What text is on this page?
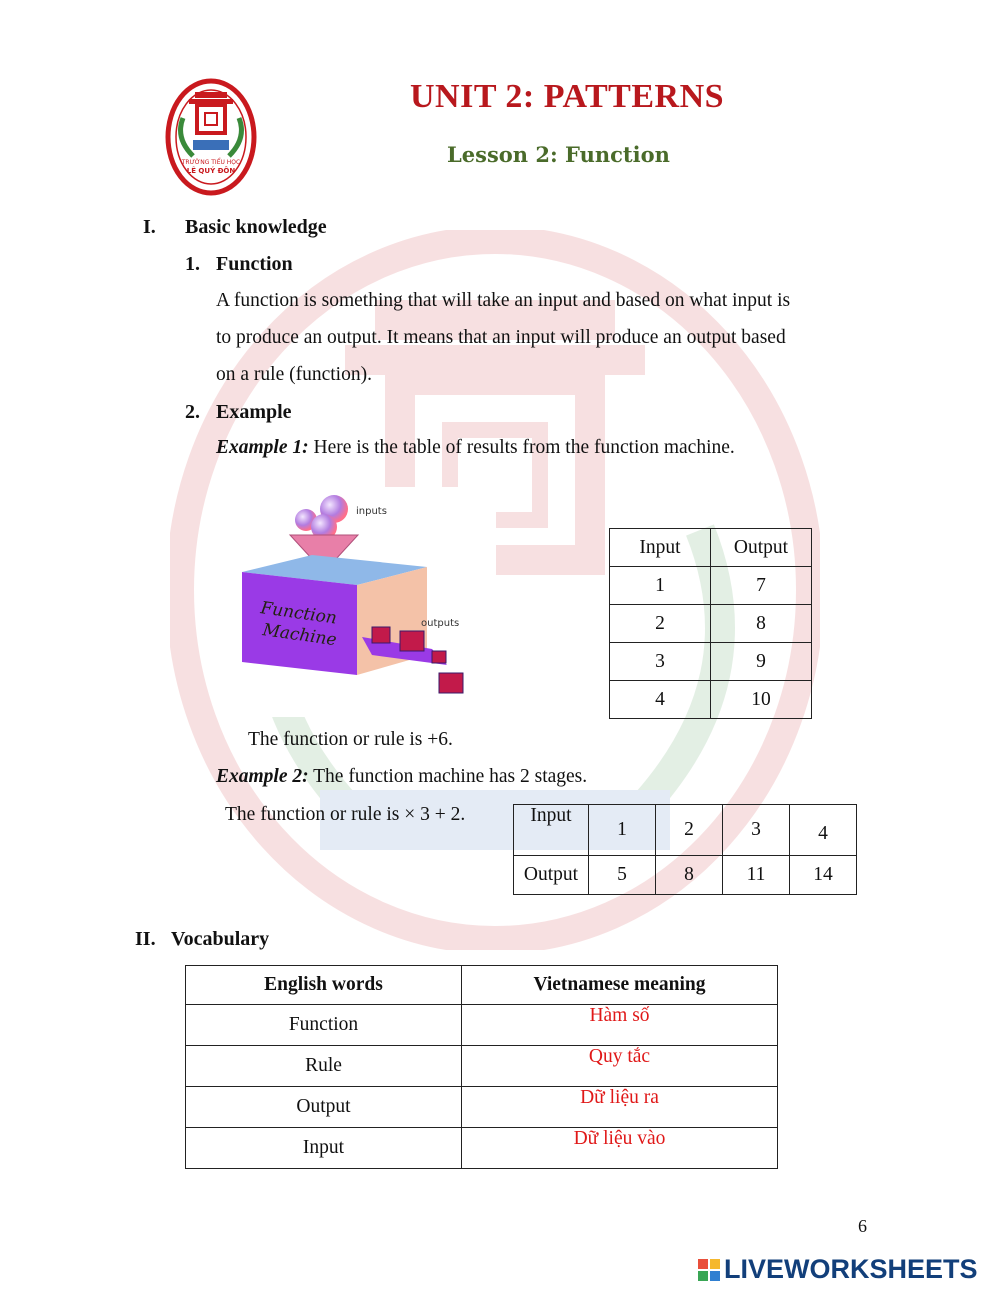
TRƯỜNG TIỂU HỌC
LÊ QUÝ ĐÔN
UNIT 2: PATTERNS
Lesson 2: Function
I. Basic knowledge
1. Function
A function is something that will take an input and based on what input is
to produce an output. It means that an input will produce an output based
on a rule (function).
2. Example
Example 1: Here is the table of results from the function machine.
inputs
Function
Machine	outputs
Input	Output
1	7
2	8
3	9
4	10
The function or rule is +6.
Example 2: The function machine has 2 stages.
The function or rule is × 3 + 2.	Input	1	2	3	4
Output	5	8	11	14
II. Vocabulary
English words	Vietnamese meaning
Function	Hàm số
Rule	Quy tắc
Output	Dữ liệu ra
Input	Dữ liệu vào
6
LIVEWORKSHEETS
